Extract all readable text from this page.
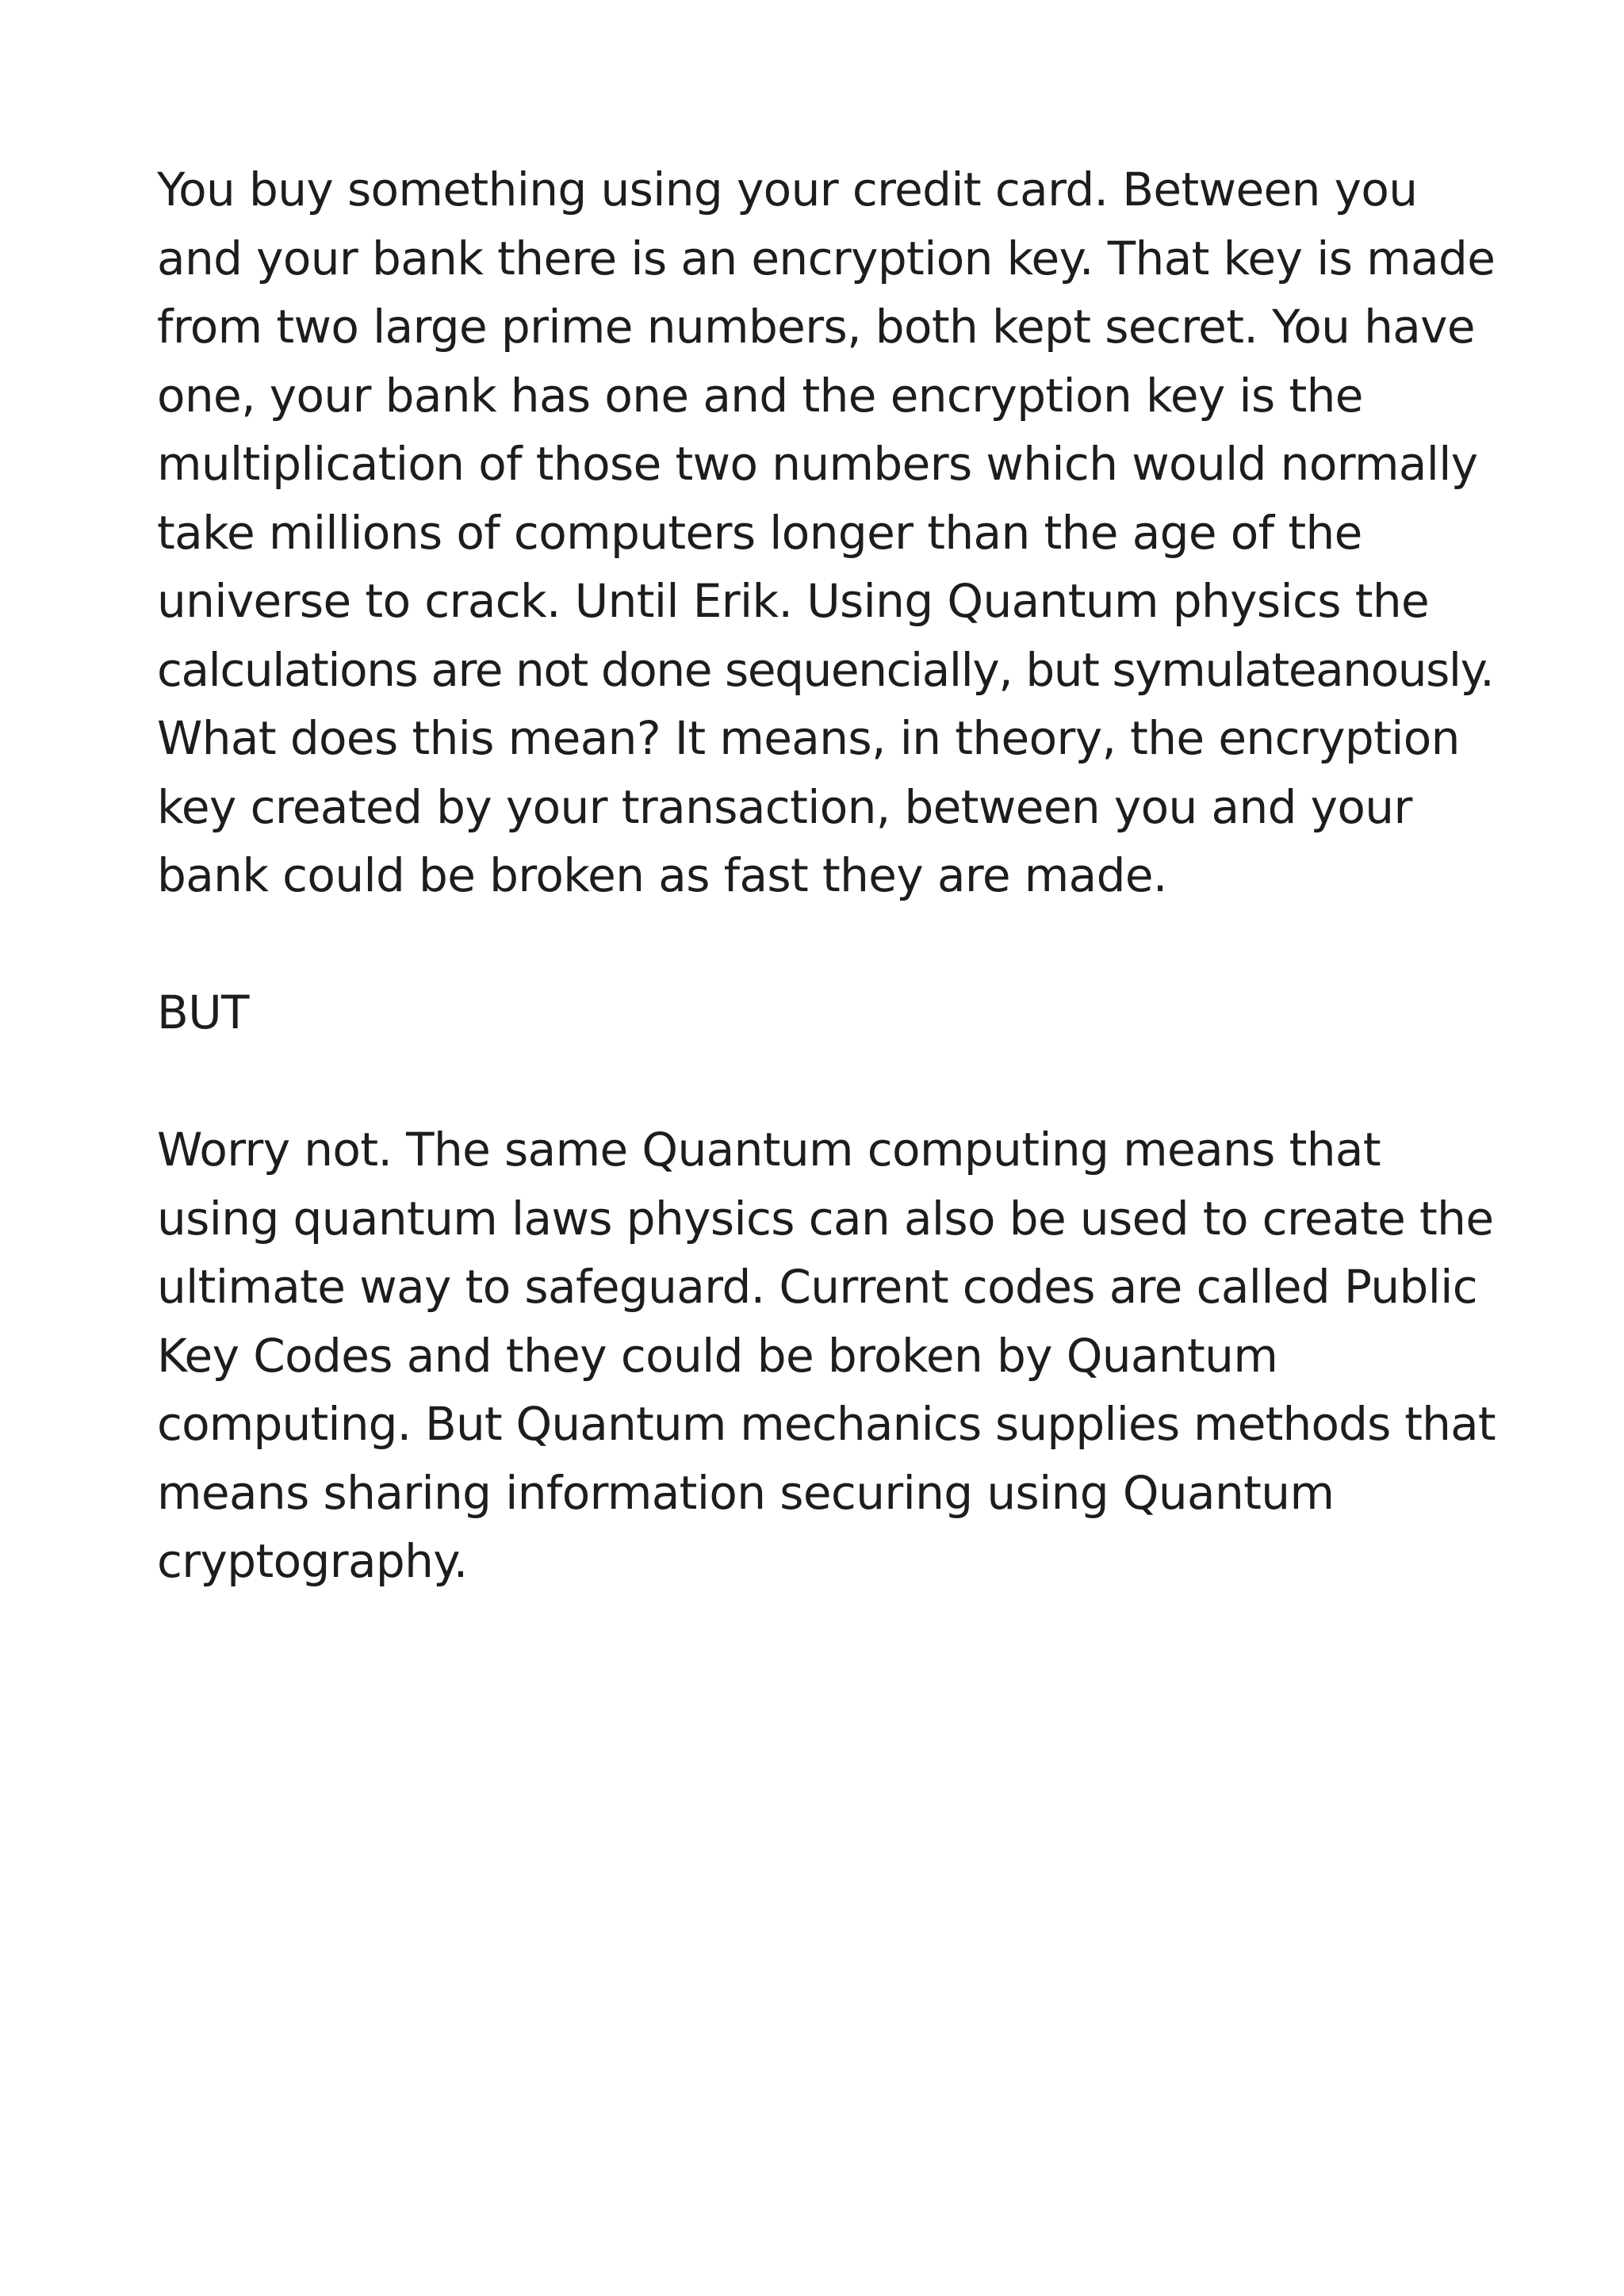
You buy something using your credit card. Between you
and your bank there is an encryption key. That key is made
from two large prime numbers, both kept secret. You have
one, your bank has one and the encryption key is the
multiplication of those two numbers which would normally
take millions of computers longer than the age of the
universe to crack. Until Erik. Using Quantum physics the
calculations are not done sequencially, but symulateanously.
What does this mean? It means, in theory, the encryption
key created by your transaction, between you and your
bank could be broken as fast they are made.

BUT

Worry not. The same Quantum computing means that
using quantum laws physics can also be used to create the
ultimate way to safeguard. Current codes are called Public
Key Codes and they could be broken by Quantum
computing. But Quantum mechanics supplies methods that
means sharing information securing using Quantum
cryptography.
